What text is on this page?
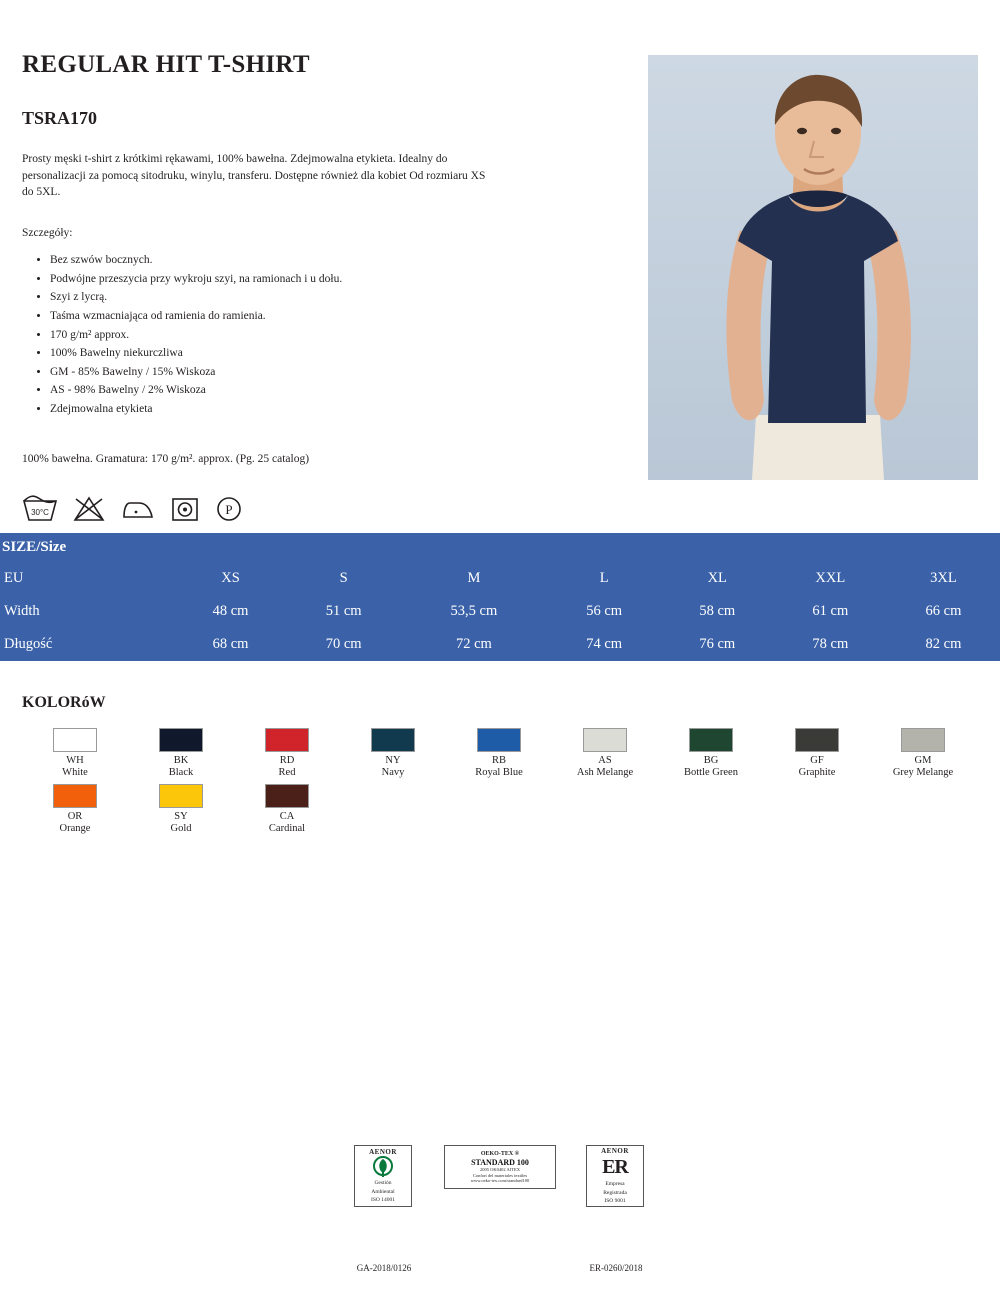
REGULAR HIT T-SHIRT
TSRA170

Prosty męski t-shirt z krótkimi rękawami, 100% bawełna. Zdejmowalna etykieta. Idealny do personalizacji za pomocą sitodruku, winylu, transferu. Dostępne również dla kobiet Od rozmiaru XS do 5XL.

Szczegóły:
• Bez szwów bocznych.
• Podwójne przeszycia przy wykroju szyi, na ramionach i u dołu.
• Szyi z lycrą.
• Taśma wzmacniająca od ramienia do ramienia.
• 170 g/m² approx.
• 100% Bawelny niekurczliwa
• GM - 85% Bawelny / 15% Wiskoza
• AS - 98% Bawelny / 2% Wiskoza
• Zdejmowalna etykieta
100% bawełna. Gramatura: 170 g/m². approx. (Pg. 25 catalog)
30°C	P
SIZE/Size
EU	XS	S	M	L	XL	XXL	3XL
Width	48 cm	51 cm	53,5 cm	56 cm	58 cm	61 cm	66 cm
Długość	68 cm	70 cm	72 cm	74 cm	76 cm	78 cm	82 cm
KOLORóW
WH
White
BK
Black
RD
Red
NY
Navy
RB
Royal Blue
AS
Ash Melange
BG
Bottle Green
GF
Graphite
GM
Grey Melange
OR
Orange
SY
Gold
CA
Cardinal
AENOR
Gestión
Ambiental
ISO 14001
GA-2018/0126
OEKO-TEX ®
STANDARD 100
2005 OK0402 AITEX
Confort del materiales textiles
www.oeko-tex.com/standard100
AENOR
ER
Empresa
Registrada
ISO 9001
ER-0260/2018
